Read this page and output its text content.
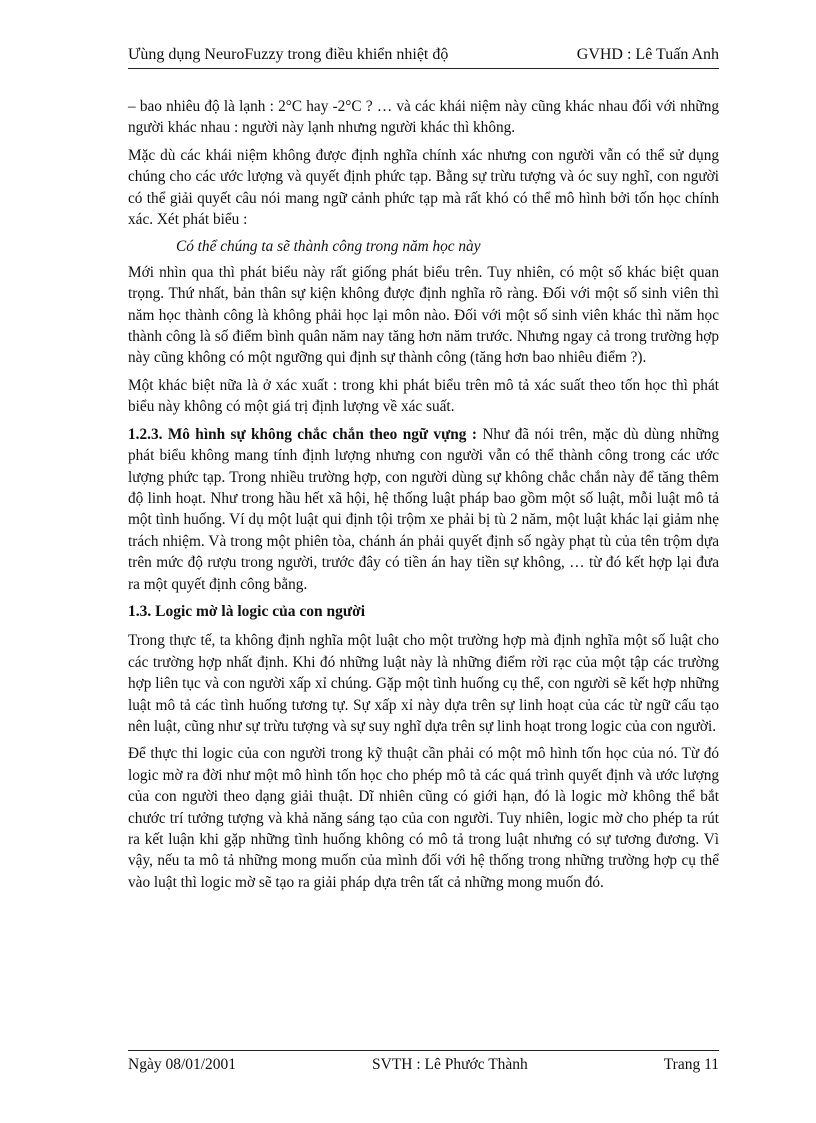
Ưùng dụng NeuroFuzzy trong điều khiển nhiệt độ	GVHD : Lê Tuấn Anh

– bao nhiêu độ là lạnh : 2°C hay -2°C ? … và các khái niệm này cũng khác nhau đối với những người khác nhau : người này lạnh nhưng người khác thì không.

Mặc dù các khái niệm không được định nghĩa chính xác nhưng con người vẫn có thể sử dụng chúng cho các ước lượng và quyết định phức tạp. Bằng sự trừu tượng và óc suy nghĩ, con người có thể giải quyết câu nói mang ngữ cảnh phức tạp mà rất khó có thể mô hình bởi tốn học chính xác. Xét phát biểu :

Có thể chúng ta sẽ thành công trong năm học này

Mới nhìn qua thì phát biểu này rất giống phát biểu trên. Tuy nhiên, có một số khác biệt quan trọng. Thứ nhất, bản thân sự kiện không được định nghĩa rõ ràng. Đối với một số sinh viên thì năm học thành công là không phải học lại môn nào. Đối với một số sinh viên khác thì năm học thành công là số điểm bình quân năm nay tăng hơn năm trước. Nhưng ngay cả trong trường hợp này cũng không có một ngưỡng qui định sự thành công (tăng hơn bao nhiêu điểm ?).

Một khác biệt nữa là ở xác xuất : trong khi phát biểu trên mô tả xác suất theo tốn học thì phát biểu này không có một giá trị định lượng về xác suất.

1.2.3. Mô hình sự không chắc chắn theo ngữ vựng : Như đã nói trên, mặc dù dùng những phát biểu không mang tính định lượng nhưng con người vẫn có thể thành công trong các ước lượng phức tạp. Trong nhiều trường hợp, con người dùng sự không chắc chắn này để tăng thêm độ linh hoạt. Như trong hầu hết xã hội, hệ thống luật pháp bao gồm một số luật, mỗi luật mô tả một tình huống. Ví dụ một luật qui định tội trộm xe phải bị tù 2 năm, một luật khác lại giảm nhẹ trách nhiệm. Và trong một phiên tòa, chánh án phải quyết định số ngày phạt tù của tên trộm dựa trên mức độ rượu trong người, trước đây có tiền án hay tiền sự không, … từ đó kết hợp lại đưa ra một quyết định công bằng.

1.3. Logic mờ là logic của con người

Trong thực tế, ta không định nghĩa một luật cho một trường hợp mà định nghĩa một số luật cho các trường hợp nhất định. Khi đó những luật này là những điểm rời rạc của một tập các trường hợp liên tục và con người xấp xỉ chúng. Gặp một tình huống cụ thể, con người sẽ kết hợp những luật mô tả các tình huống tương tự. Sự xấp xỉ này dựa trên sự linh hoạt của các từ ngữ cấu tạo nên luật, cũng như sự trừu tượng và sự suy nghĩ dựa trên sự linh hoạt trong logic của con người.

Để thực thi logic của con người trong kỹ thuật cần phải có một mô hình tốn học của nó. Từ đó logic mờ ra đời như một mô hình tốn học cho phép mô tả các quá trình quyết định và ước lượng của con người theo dạng giải thuật. Dĩ nhiên cũng có giới hạn, đó là logic mờ không thể bắt chước trí tưởng tượng và khả năng sáng tạo của con người. Tuy nhiên, logic mờ cho phép ta rút ra kết luận khi gặp những tình huống không có mô tả trong luật nhưng có sự tương đương. Vì vậy, nếu ta mô tả những mong muốn của mình đối với hệ thống trong những trường hợp cụ thể vào luật thì logic mờ sẽ tạo ra giải pháp dựa trên tất cả những mong muốn đó.

Ngày 08/01/2001	SVTH : Lê Phước Thành	Trang 11
